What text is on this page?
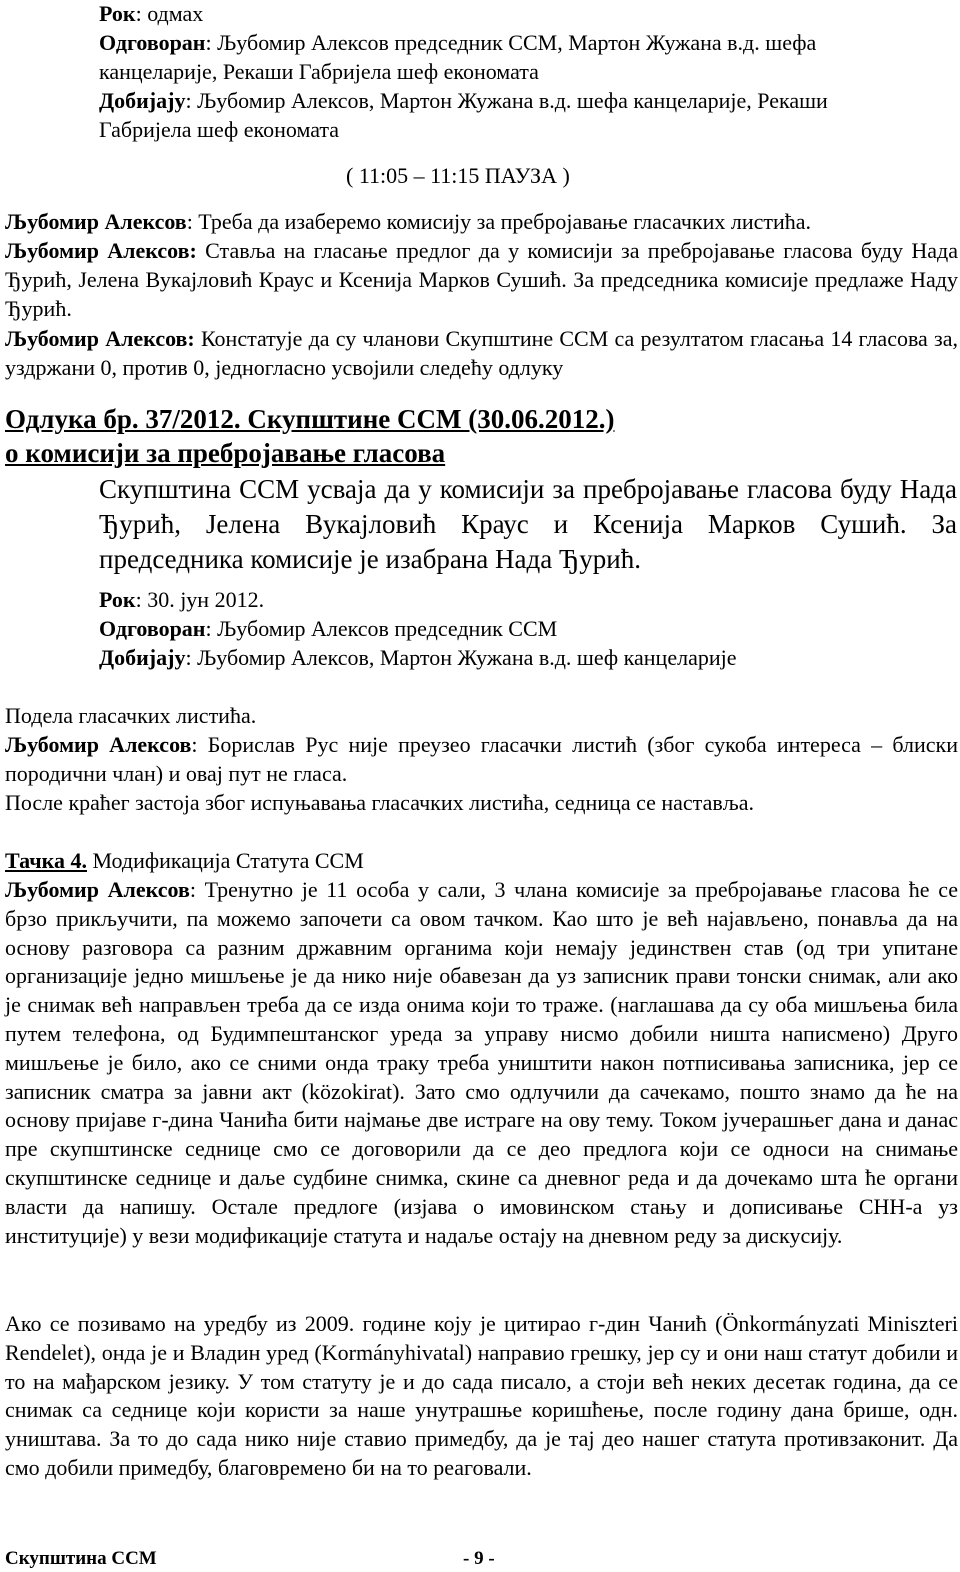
Рок: одмах
Одговоран: Љубомир Алексов председник ССМ, Мартон Жужана в.д. шефа
канцеларије, Рекаши Габријела шеф економата
Добијају: Љубомир Алексов, Мартон Жужана в.д. шефа канцеларије, Рекаши
Габријела шеф економата
( 11:05 – 11:15 ПАУЗА )
Љубомир Алексов: Треба да изаберемо комисију за пребројавање гласачких листића.
Љубомир Алексов: Ставља на гласање предлог да у комисији за пребројавање гласова буду Нада Ђурић, Јелена Вукајловић Краус и Ксенија Марков Сушић. За председника комисије предлаже Наду Ђурић.
Љубомир Алексов: Констатује да су чланови Скупштине ССМ са резултатом гласања 14 гласова за, уздржани 0, против 0, једногласно усвојили следећу одлуку
Одлука бр. 37/2012. Скупштине ССМ (30.06.2012.)
о комисији за пребројавање гласова
Скупштина ССМ усваја да у комисији за пребројавање гласова буду Нада Ђурић, Јелена Вукајловић Краус и Ксенија Марков Сушић. За председника комисије је изабрана Нада Ђурић.
Рок: 30. јун 2012.
Одговоран: Љубомир Алексов председник ССМ
Добијају: Љубомир Алексов, Мартон Жужана в.д. шеф канцеларије
Подела гласачких листића.
Љубомир Алексов: Борислав Рус није преузео гласачки листић (због сукоба интереса – блиски породични члан) и овај пут не гласа.
После краћег застоја због испуњавања гласачких листића, седница се наставља.
Тачка 4. Модификација Статута ССМ
Љубомир Алексов: Тренутно је 11 особа у сали, 3 члана комисије за пребројавање гласова ће се брзо прикључити, па можемо започети са овом тачком. Као што је већ најављено, понавља да на основу разговора са разним државним органима који немају јединствен став (од три упитане организације једно мишљење је да нико није обавезан да уз записник прави тонски снимак, али ако је снимак већ направљен треба да се изда онима који то траже. (наглашава да су оба мишљења била путем телефона, од Будимпештанског уреда за управу нисмо добили ништа написмено) Друго мишљење је било, ако се сними онда траку треба уништити након потписивања записника, јер се записник сматра за јавни акт (közokirat). Зато смо одлучили да сачекамо, пошто знамо да ће на основу пријаве г-дина Чанића бити најмање две истраге на ову тему. Током јучерашњег дана и данас пре скупштинске седнице смо се договорили да се део предлога који се односи на снимање скупштинске седнице и даље судбине снимка, скине са дневног реда и да дочекамо шта ће органи власти да напишу. Остале предлоге (изјава о имовинском стању и дописивање СНН-а уз институције) у вези модификације статута и надаље остају на дневном реду за дискусију.
Ако се позивамо на уредбу из 2009. године коју је цитирао г-дин Чанић (Önkormányzati Miniszteri Rendelet), онда је и Владин уред (Kormányhivatal) направио грешку, јер су и они наш статут добили и то на мађарском језику. У том статуту је и до сада писало, а стоји већ неких десетак година, да се снимак са седнице који користи за наше унутрашње коришћење, после годину дана брише, одн. уништава. За то до сада нико није ставио примедбу, да је тај део нашег статута противзаконит. Да смо добили примедбу, благовремено би на то реаговали.
Скупштина ССМ	- 9 -
